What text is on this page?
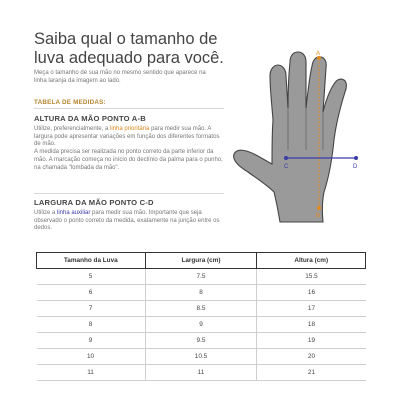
Saiba qual o tamanho de
luva adequado para você.
Meça o tamanho de sua mão no mesmo sentido que aparece na linha laranja da imagem ao lado.
TABELA DE MEDIDAS:
ALTURA DA MÃO PONTO A-B
Utilize, preferencialmente, a linha prioritária para medir sua mão. A largura pode apresentar variações em função dos diferentes formatos de mão.
A medida precisa ser realizada no ponto correto da parte inferior da mão. A marcação começa no início do declínio da palma para o punho, na chamada "lombada da mão".
LARGURA DA MÃO PONTO C-D
Utilize a linha auxiliar para medir sua mão. Importante que seja observado o ponto correto da medida, exatamente na junção entre os dedos.
A
B
C	D
Tamanho da Luva	Largura (cm)	Altura (cm)
5	7.5	15.5
6	8	16
7	8.5	17
8	9	18
9	9.5	19
10	10.5	20
11	11	21
